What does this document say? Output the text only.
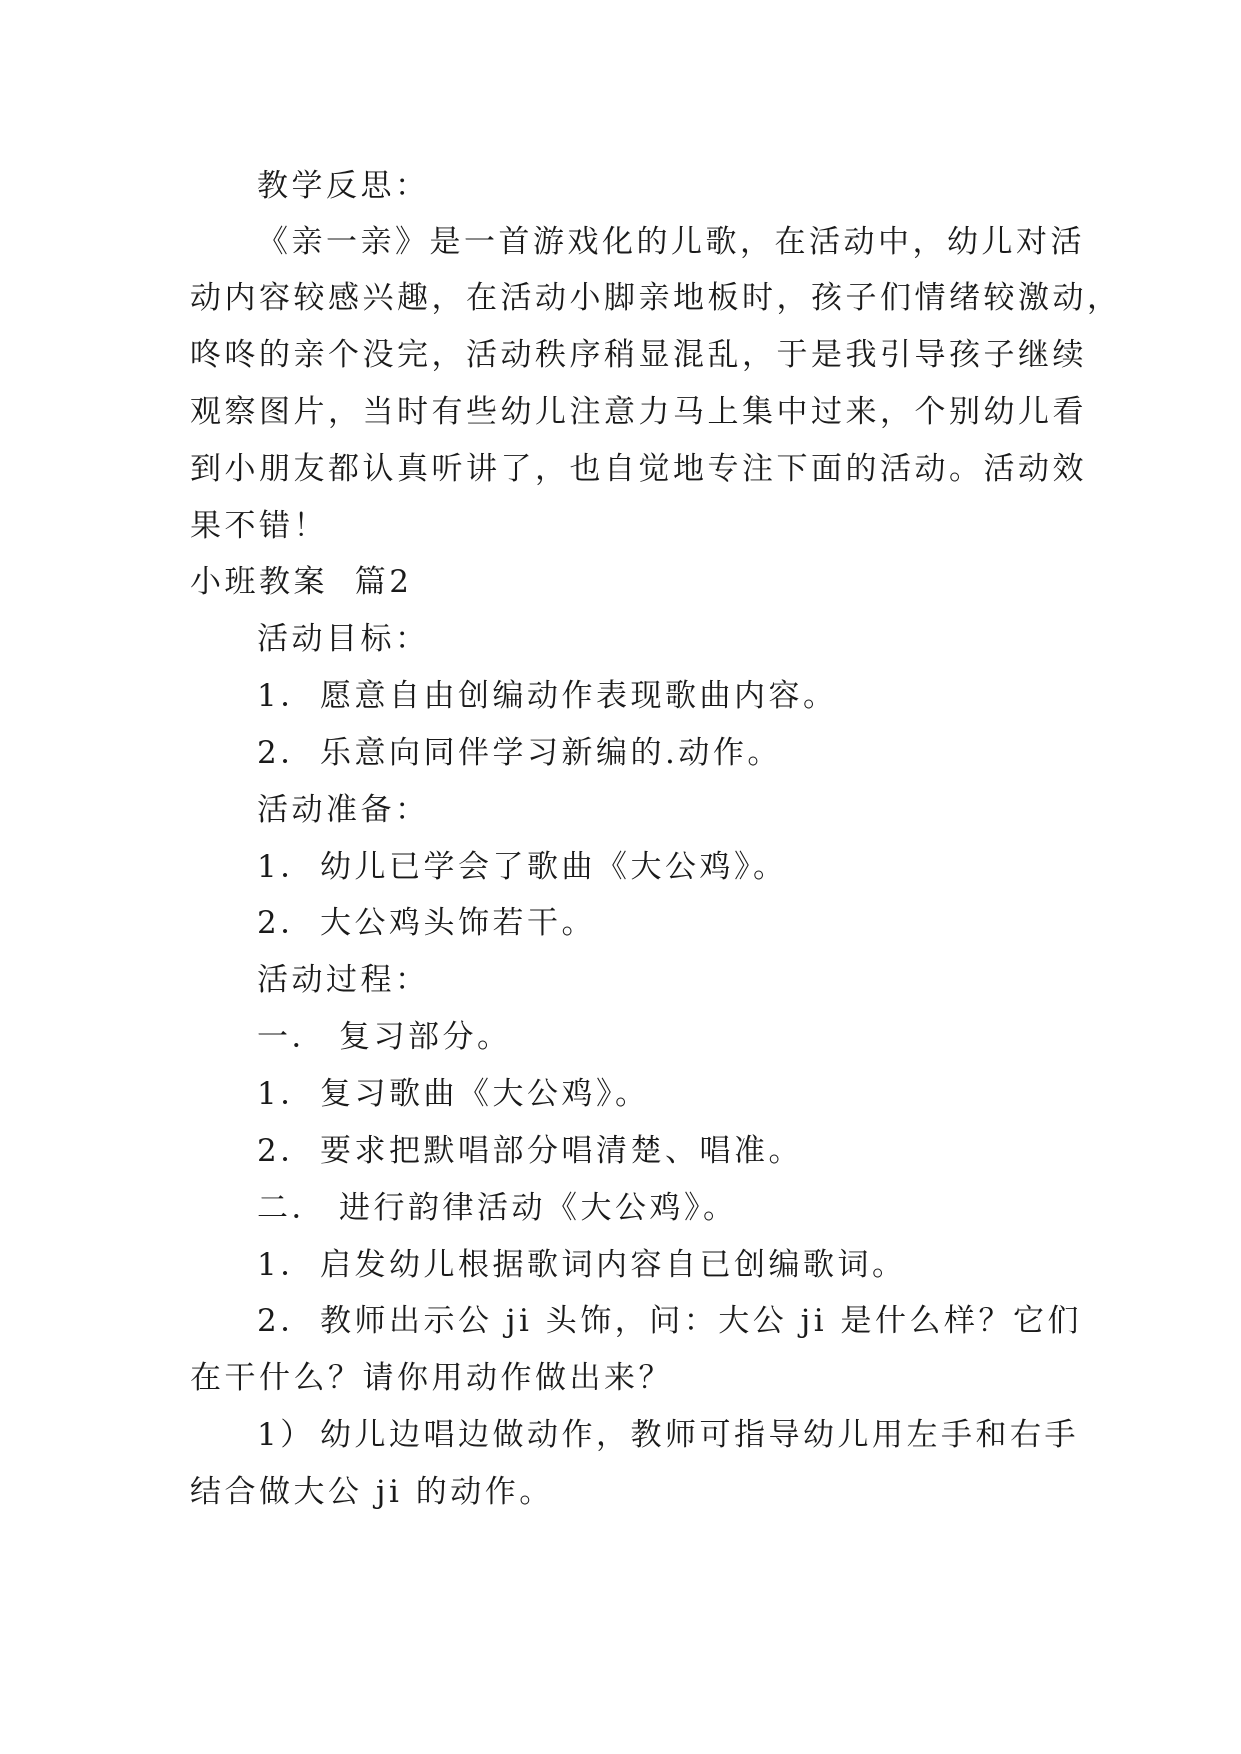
教学反思：
《亲一亲》是一首游戏化的儿歌，在活动中，幼儿对活
动内容较感兴趣，在活动小脚亲地板时，孩子们情绪较激动，
咚咚的亲个没完，活动秩序稍显混乱，于是我引导孩子继续
观察图片，当时有些幼儿注意力马上集中过来，个别幼儿看
到小朋友都认真听讲了，也自觉地专注下面的活动。活动效
果不错！
小班教案  篇2
活动目标：
1． 愿意自由创编动作表现歌曲内容。
2． 乐意向同伴学习新编的.动作。
活动准备：
1． 幼儿已学会了歌曲《大公鸡》。
2． 大公鸡头饰若干。
活动过程：
一． 复习部分。
1． 复习歌曲《大公鸡》。
2． 要求把默唱部分唱清楚、唱准。
二． 进行韵律活动《大公鸡》。
1． 启发幼儿根据歌词内容自已创编歌词。
2． 教师出示公 ji 头饰，问：大公 ji 是什么样？它们
在干什么？请你用动作做出来？
1） 幼儿边唱边做动作，教师可指导幼儿用左手和右手
结合做大公 ji 的动作。
